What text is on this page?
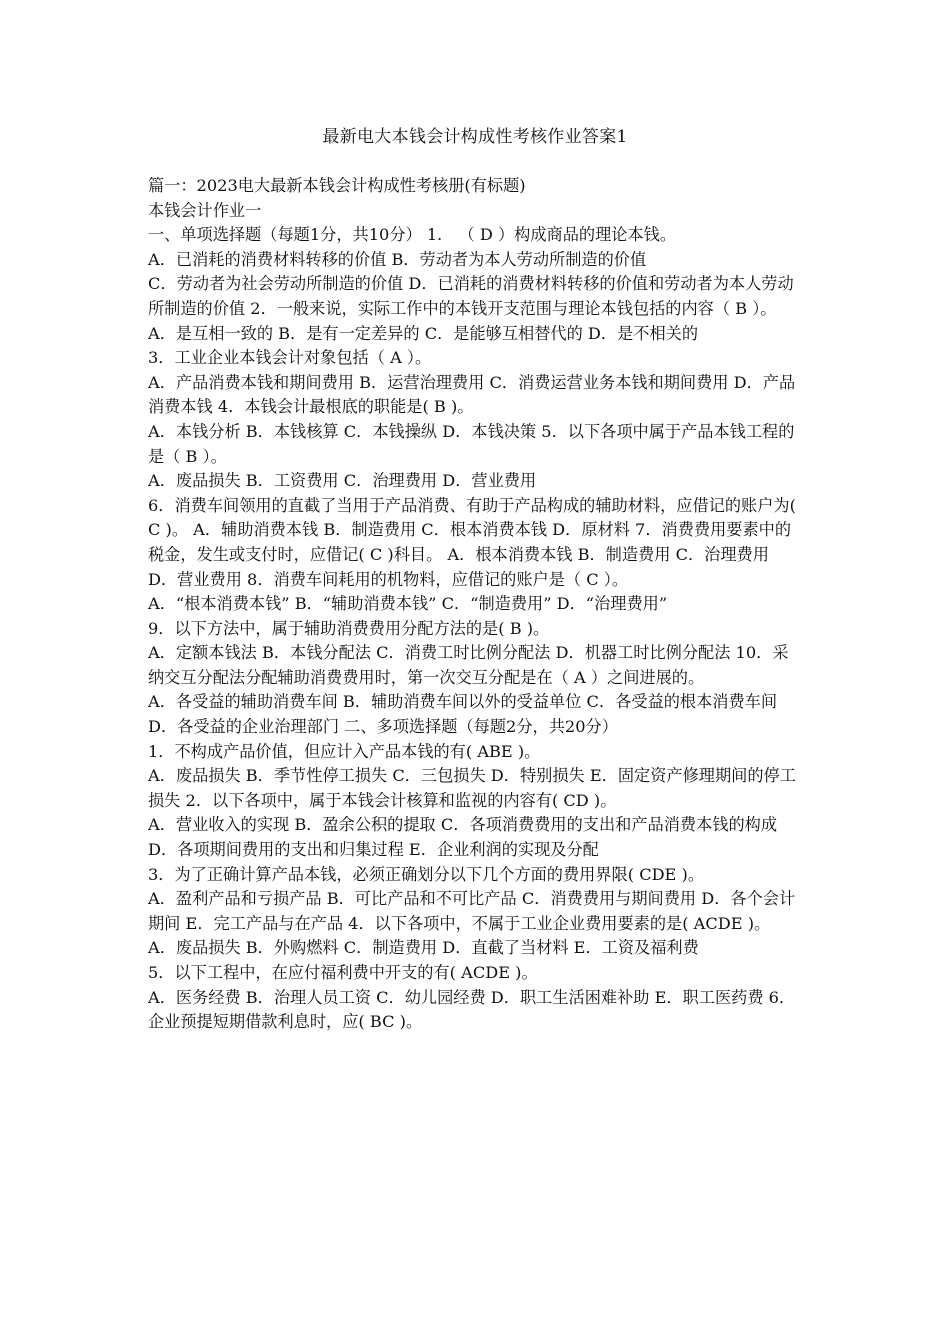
最新电大本钱会计构成性考核作业答案1

篇一：2023电大最新本钱会计构成性考核册(有标题)

本钱会计作业一

一、单项选择题（每题1分，共10分） 1． （ D ）构成商品的理论本钱。

A．已消耗的消费材料转移的价值 B．劳动者为本人劳动所制造的价值

C．劳动者为社会劳动所制造的价值 D．已消耗的消费材料转移的价值和劳动者为本人劳动所制造的价值 2．一般来说，实际工作中的本钱开支范围与理论本钱包括的内容（ B ）。

A．是互相一致的 B．是有一定差异的 C．是能够互相替代的 D．是不相关的

3．工业企业本钱会计对象包括（ A ）。

A．产品消费本钱和期间费用 B．运营治理费用 C．消费运营业务本钱和期间费用 D．产品消费本钱 4．本钱会计最根底的职能是( B )。

A．本钱分析 B．本钱核算 C．本钱操纵 D．本钱决策 5．以下各项中属于产品本钱工程的是（ B ）。

A．废品损失 B．工资费用 C．治理费用 D．营业费用

6．消费车间领用的直截了当用于产品消费、有助于产品构成的辅助材料，应借记的账户为( C )。 A．辅助消费本钱 B．制造费用 C．根本消费本钱 D．原材料 7．消费费用要素中的税金，发生或支付时，应借记( C )科目。 A．根本消费本钱 B．制造费用 C．治理费用 D．营业费用 8．消费车间耗用的机物料，应借记的账户是（ C ）。

A．“根本消费本钱” B．“辅助消费本钱” C．“制造费用” D．“治理费用”

9．以下方法中，属于辅助消费费用分配方法的是( B )。

A．定额本钱法 B．本钱分配法 C．消费工时比例分配法 D．机器工时比例分配法 10．采纳交互分配法分配辅助消费费用时，第一次交互分配是在（ A ）之间进展的。

A．各受益的辅助消费车间 B．辅助消费车间以外的受益单位 C．各受益的根本消费车间 D．各受益的企业治理部门 二、多项选择题（每题2分，共20分）

1．不构成产品价值，但应计入产品本钱的有( ABE )。

A．废品损失 B．季节性停工损失 C．三包损失 D．特别损失 E．固定资产修理期间的停工损失 2．以下各项中，属于本钱会计核算和监视的内容有( CD )。

A．营业收入的实现 B．盈余公积的提取 C．各项消费费用的支出和产品消费本钱的构成 D．各项期间费用的支出和归集过程 E．企业利润的实现及分配

3．为了正确计算产品本钱，必须正确划分以下几个方面的费用界限( CDE )。

A．盈利产品和亏损产品 B．可比产品和不可比产品 C．消费费用与期间费用 D．各个会计期间 E．完工产品与在产品 4．以下各项中，不属于工业企业费用要素的是( ACDE )。

A．废品损失 B．外购燃料 C．制造费用 D．直截了当材料 E．工资及福利费

5．以下工程中，在应付福利费中开支的有( ACDE )。

A．医务经费 B．治理人员工资 C．幼儿园经费 D．职工生活困难补助 E．职工医药费 6．企业预提短期借款利息时，应( BC )。
